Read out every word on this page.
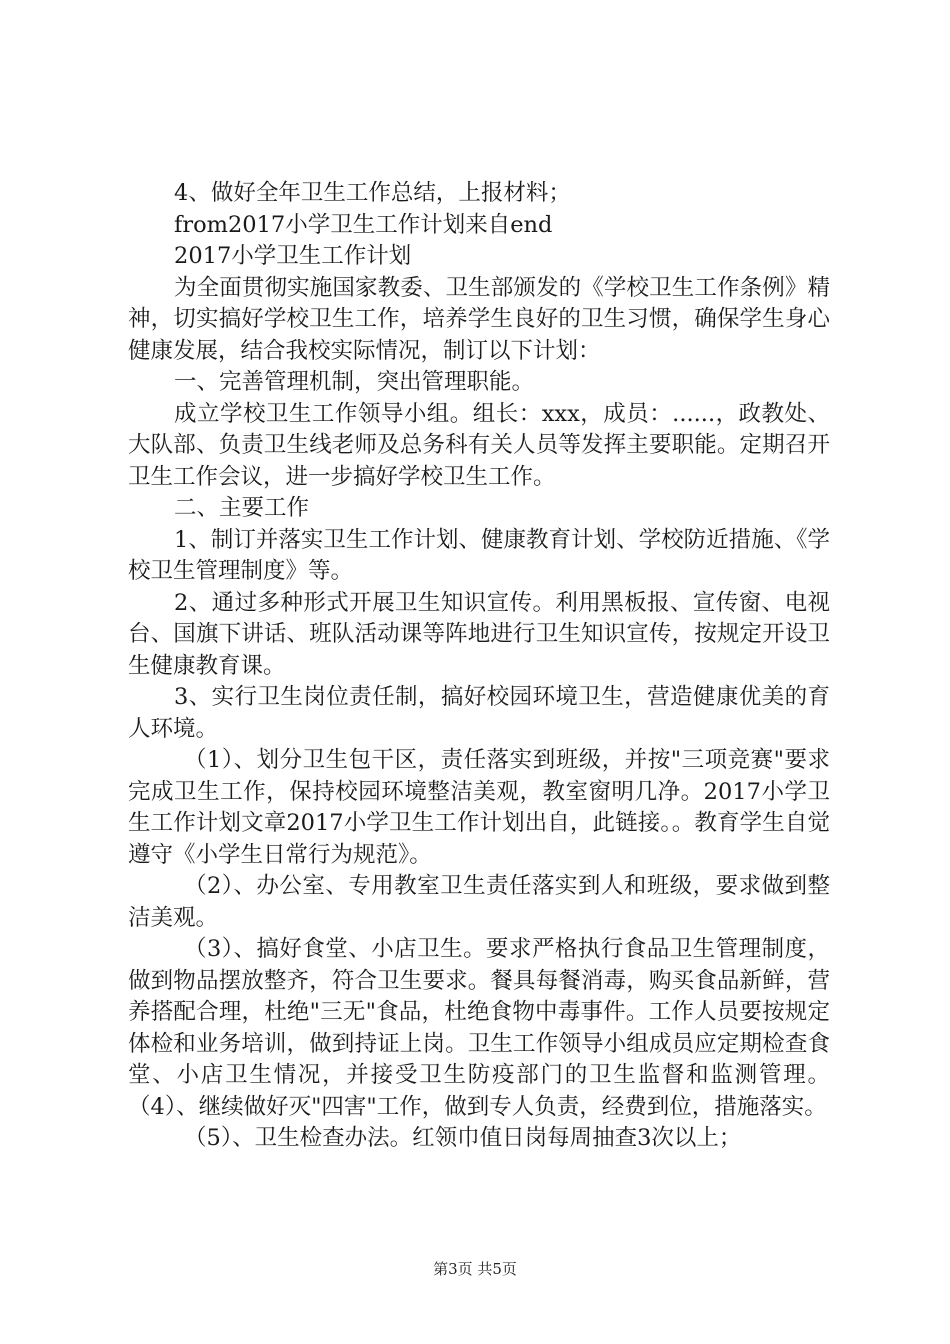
4、做好全年卫生工作总结，上报材料；

from2017小学卫生工作计划来自end

2017小学卫生工作计划

为全面贯彻实施国家教委、卫生部颁发的《学校卫生工作条例》精神，切实搞好学校卫生工作，培养学生良好的卫生习惯，确保学生身心健康发展，结合我校实际情况，制订以下计划：

一、完善管理机制，突出管理职能。

成立学校卫生工作领导小组。组长：xxx，成员：......，政教处、大队部、负责卫生线老师及总务科有关人员等发挥主要职能。定期召开卫生工作会议，进一步搞好学校卫生工作。

二、主要工作

1、制订并落实卫生工作计划、健康教育计划、学校防近措施、《学校卫生管理制度》等。

2、通过多种形式开展卫生知识宣传。利用黑板报、宣传窗、电视台、国旗下讲话、班队活动课等阵地进行卫生知识宣传，按规定开设卫生健康教育课。

3、实行卫生岗位责任制，搞好校园环境卫生，营造健康优美的育人环境。

（1）、划分卫生包干区，责任落实到班级，并按"三项竞赛"要求完成卫生工作，保持校园环境整洁美观，教室窗明几净。2017小学卫生工作计划文章2017小学卫生工作计划出自，此链接。。教育学生自觉遵守《小学生日常行为规范》。

（2）、办公室、专用教室卫生责任落实到人和班级，要求做到整洁美观。

（3）、搞好食堂、小店卫生。要求严格执行食品卫生管理制度，做到物品摆放整齐，符合卫生要求。餐具每餐消毒，购买食品新鲜，营养搭配合理，杜绝"三无"食品，杜绝食物中毒事件。工作人员要按规定体检和业务培训，做到持证上岗。卫生工作领导小组成员应定期检查食堂、小店卫生情况，并接受卫生防疫部门的卫生监督和监测管理。（4）、继续做好灭"四害"工作，做到专人负责，经费到位，措施落实。

（5）、卫生检查办法。红领巾值日岗每周抽查3次以上；

第3页 共5页
